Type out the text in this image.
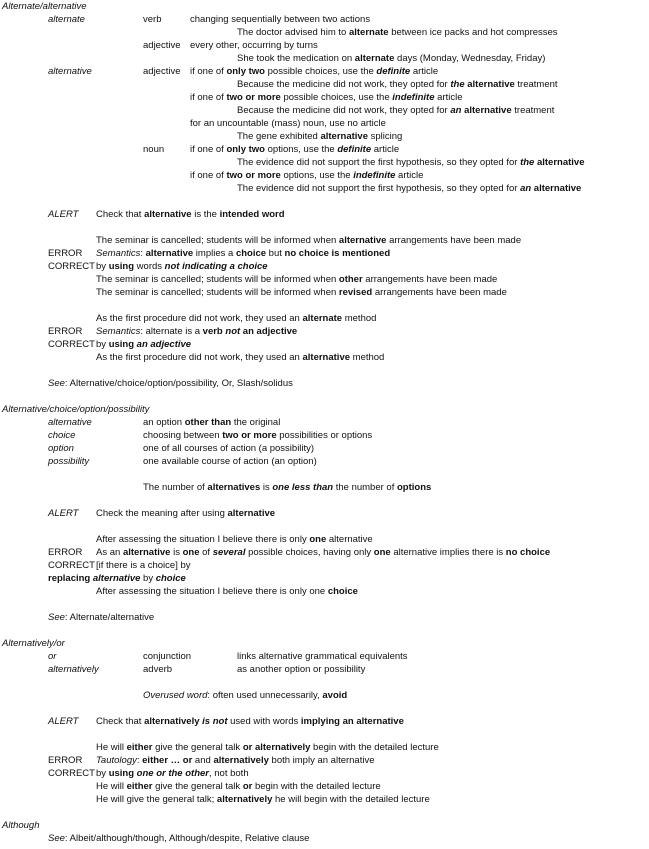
Alternate/alternative
alternate	verb	changing sequentially between two actions
The doctor advised him to alternate between ice packs and hot compresses
adjective every other, occurring by turns
She took the medication on alternate days (Monday, Wednesday, Friday)
alternative	adjective if one of only two possible choices, use the definite article
Because the medicine did not work, they opted for the alternative treatment
if one of two or more possible choices, use the indefinite article
Because the medicine did not work, they opted for an alternative treatment
for an uncountable (mass) noun, use no article
The gene exhibited alternative splicing
noun	if one of only two options, use the definite article
The evidence did not support the first hypothesis, so they opted for the alternative
if one of two or more options, use the indefinite article
The evidence did not support the first hypothesis, so they opted for an alternative
ALERT Check that alternative is the intended word
The seminar is cancelled; students will be informed when alternative arrangements have been made
ERROR Semantics: alternative implies a choice but no choice is mentioned
CORRECT by using words not indicating a choice
The seminar is cancelled; students will be informed when other arrangements have been made
The seminar is cancelled; students will be informed when revised arrangements have been made
As the first procedure did not work, they used an alternate method
ERROR Semantics: alternate is a verb not an adjective
CORRECT by using an adjective
As the first procedure did not work, they used an alternative method
See: Alternative/choice/option/possibility, Or, Slash/solidus
Alternative/choice/option/possibility
alternative	an option other than the original
choice	choosing between two or more possibilities or options
option	one of all courses of action (a possibility)
possibility	one available course of action (an option)
The number of alternatives is one less than the number of options
ALERT Check the meaning after using alternative
After assessing the situation I believe there is only one alternative
ERROR As an alternative is one of several possible choices, having only one alternative implies there is no choice
CORRECT [if there is a choice] by
replacing alternative by choice
After assessing the situation I believe there is only one choice
See: Alternate/alternative
Alternatively/or
or	conjunction	links alternative grammatical equivalents
alternatively	adverb	as another option or possibility
Overused word: often used unnecessarily, avoid
ALERT Check that alternatively is not used with words implying an alternative
He will either give the general talk or alternatively begin with the detailed lecture
ERROR Tautology: either … or and alternatively both imply an alternative
CORRECT by using one or the other, not both
He will either give the general talk or begin with the detailed lecture
He will give the general talk; alternatively he will begin with the detailed lecture
Although
See: Albeit/although/though, Although/despite, Relative clause
